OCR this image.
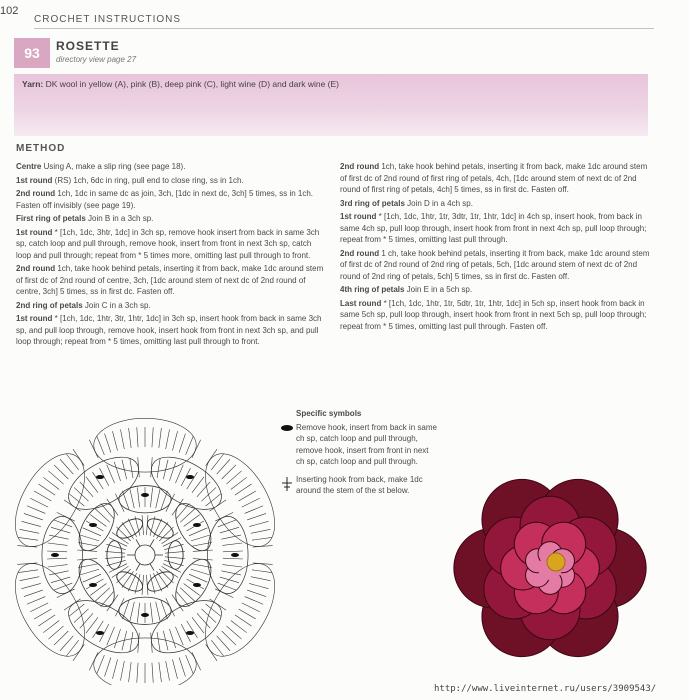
102
CROCHET INSTRUCTIONS
93	ROSETTE
directory view page 27
Yarn: DK wool in yellow (A), pink (B), deep pink (C), light wine (D) and dark wine (E)
METHOD

Centre Using A, make a slip ring (see page 18).

1st round (RS) 1ch, 6dc in ring, pull end to close ring, ss in 1ch.

2nd round 1ch, 1dc in same dc as join, 3ch, [1dc in next dc, 3ch] 5 times, ss in 1ch. Fasten off invisibly (see page 19).

First ring of petals Join B in a 3ch sp.

1st round * [1ch, 1dc, 3htr, 1dc] in 3ch sp, remove hook insert from back in same 3ch sp, catch loop and pull through, remove hook, insert from front in next 3ch sp, catch loop and pull through; repeat from * 5 times more, omitting last pull through to front.

2nd round 1ch, take hook behind petals, inserting it from back, make 1dc around stem of first dc of 2nd round of centre, 3ch, [1dc around stem of next dc of 2nd round of centre, 3ch] 5 times, ss in first dc. Fasten off.

2nd ring of petals Join C in a 3ch sp.

1st round * [1ch, 1dc, 1htr, 3tr, 1htr, 1dc] in 3ch sp, insert hook from back in same 3ch sp, and pull loop through, remove hook, insert hook from front in next 3ch sp, and pull loop through; repeat from * 5 times, omitting last pull through to front.

2nd round 1ch, take hook behind petals, inserting it from back, make 1dc around stem of first dc of 2nd round of first ring of petals, 4ch, [1dc around stem of next dc of 2nd round of first ring of petals, 4ch] 5 times, ss in first dc. Fasten off.

3rd ring of petals Join D in a 4ch sp.

1st round * [1ch, 1dc, 1htr, 1tr, 3dtr, 1tr, 1htr, 1dc] in 4ch sp, insert hook, from back in same 4ch sp, pull loop through, insert hook from front in next 4ch sp, pull loop through; repeat from * 5 times, omitting last pull through.

2nd round 1 ch, take hook behind petals, inserting it from back, make 1dc around stem of first dc of 2nd round of 2nd ring of petals, 5ch, [1dc around stem of next dc of 2nd round of 2nd ring of petals, 5ch] 5 times, ss in first dc. Fasten off.

4th ring of petals Join E in a 5ch sp.

Last round * [1ch, 1dc, 1htr, 1tr, 5dtr, 1tr, 1htr, 1dc] in 5ch sp, insert hook from back in same 5ch sp, pull loop through, insert hook from front in next 5ch sp, pull loop through; repeat from * 5 times, omitting last pull through. Fasten off.

Specific symbols
Remove hook, insert from back in same
ch sp, catch loop and pull through,
remove hook, insert from front in next
ch sp, catch loop and pull through.
Inserting hook from back, make 1dc
around the stem of the st below.
http://www.liveinternet.ru/users/3909543/
